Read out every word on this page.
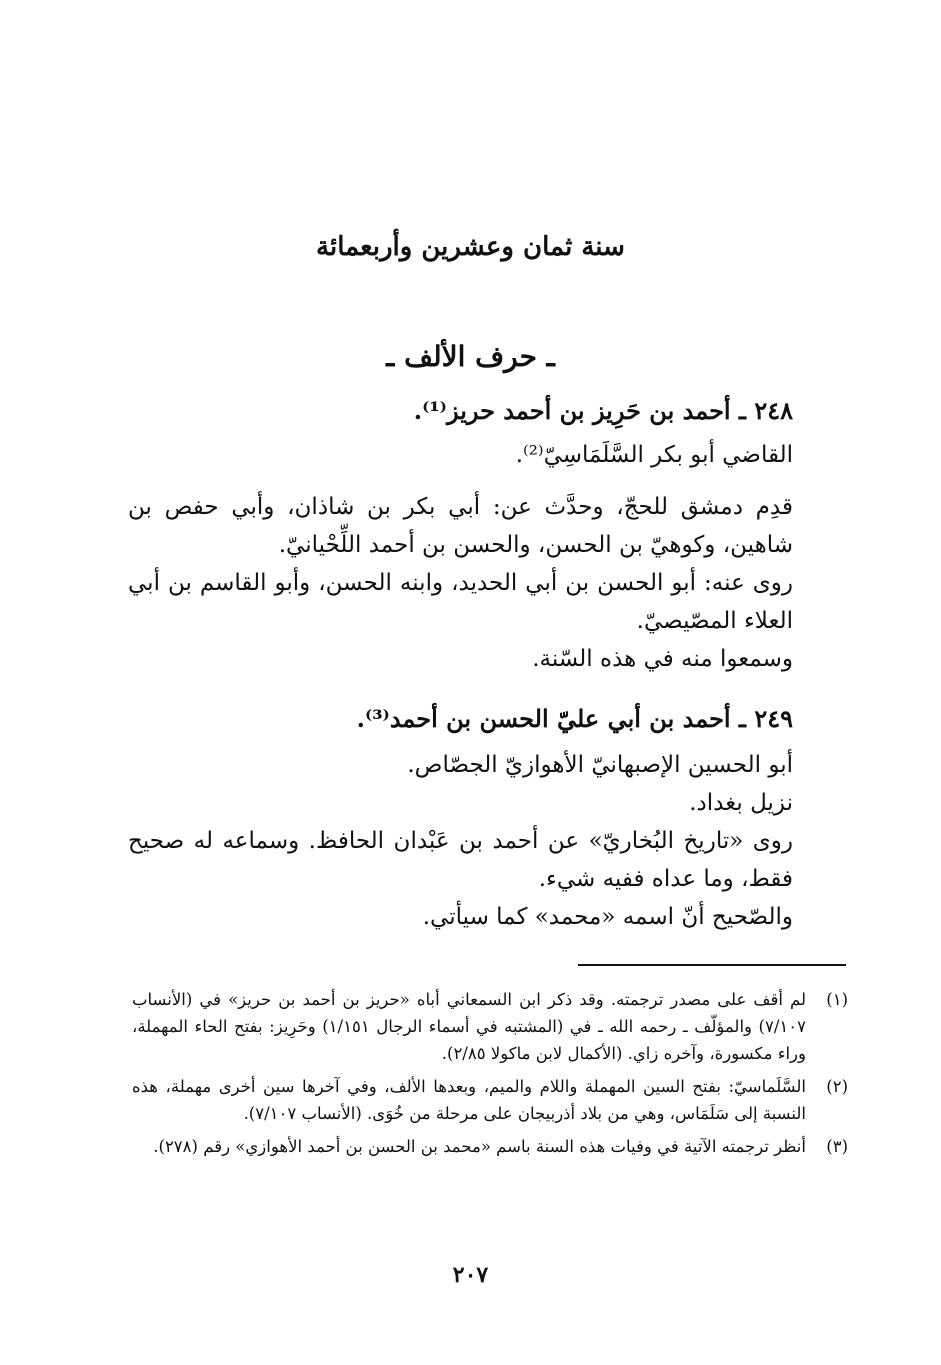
سنة ثمان وعشرين وأربعمائة
ـ حرف الألف ـ

٢٤٨ ـ أحمد بن حَرِيز بن أحمد حريز⁽¹⁾.

القاضي أبو بكر السَّلَمَاسِيّ⁽²⁾.

قدِم دمشق للحجّ، وحدَّث عن: أبي بكر بن شاذان، وأبي حفص بن شاهين، وكوهيّ بن الحسن، والحسن بن أحمد اللِّحْيانيّ.

روى عنه: أبو الحسن بن أبي الحديد، وابنه الحسن، وأبو القاسم بن أبي العلاء المصّيصيّ.

وسمعوا منه في هذه السّنة.

٢٤٩ ـ أحمد بن أبي عليّ الحسن بن أحمد⁽³⁾.

أبو الحسين الإصبهانيّ الأهوازيّ الجصّاص.

نزيل بغداد.

روى «تاريخ البُخاريّ» عن أحمد بن عَبْدان الحافظ. وسماعه له صحيح فقط، وما عداه ففيه شيء.

والصّحيح أنّ اسمه «محمد» كما سيأتي.

(١)
لم أقف على مصدر ترجمته. وقد ذكر ابن السمعاني أباه «حريز بن أحمد بن حريز» في (الأنساب ٧/١٠٧) والمؤلّف ـ رحمه الله ـ في (المشتبه في أسماء الرجال ١/١٥١) وحَرِيز: بفتح الحاء المهملة، وراء مكسورة، وآخره زاي. (الأكمال لابن ماكولا ٢/٨٥).
(٢)
السَّلَماسيّ: بفتح السين المهملة واللام والميم، وبعدها الألف، وفي آخرها سين أخرى مهملة، هذه النسبة إلى سَلَمَاس، وهي من بلاد أذربيجان على مرحلة من خُوَى. (الأنساب ٧/١٠٧).
(٣)
أنظر ترجمته الآتية في وفيات هذه السنة باسم «محمد بن الحسن بن أحمد الأهوازي» رقم (٢٧٨).
٢٠٧
